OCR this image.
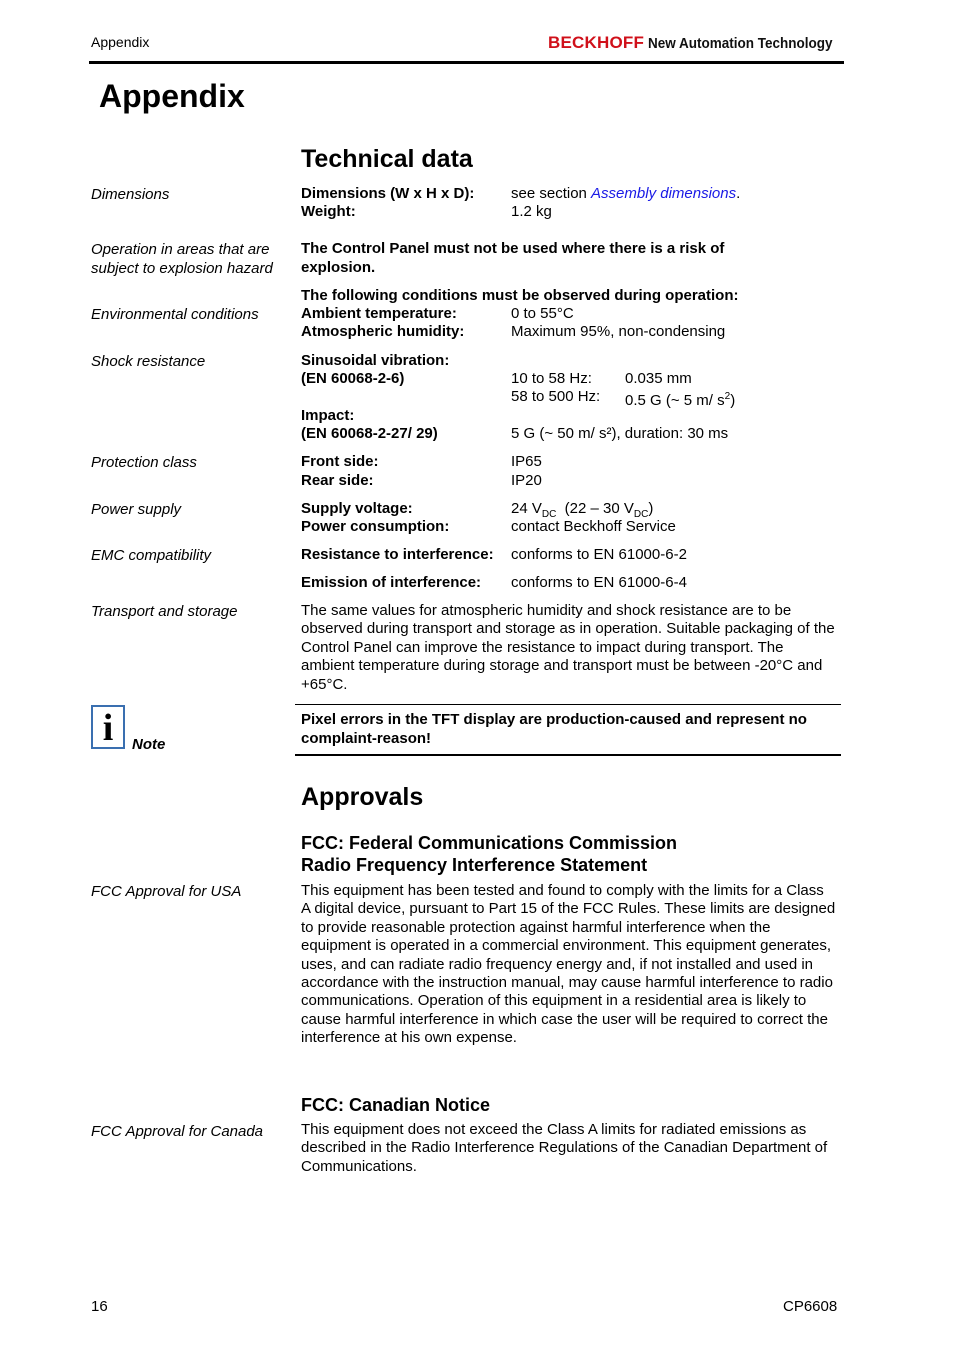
Appendix	BECKHOFF New Automation Technology
Appendix
Technical data
Dimensions	Dimensions (W x H x D): see section Assembly dimensions.
Weight:	1.2 kg
Operation in areas that are subject to explosion hazard
The Control Panel must not be used where there is a risk of explosion.
The following conditions must be observed during operation:
Environmental conditions	Ambient temperature:	0 to 55°C
Atmospheric humidity:	Maximum 95%, non-condensing
Shock resistance	Sinusoidal vibration:
(EN 60068-2-6)	10 to 58 Hz: 0.035 mm
58 to 500 Hz: 0.5 G (~ 5 m/ $s^2$)
Impact:
(EN 60068-2-27/ 29)	5 G (~ 50 m/ s²), duration: 30 ms
Protection class	Front side:	IP65
Rear side:	IP20
Power supply	Supply voltage:	24 $V_{DC}$  (22 – 30 $V_{DC}$)
Power consumption:	contact Beckhoff Service
EMC compatibility	Resistance to interference: conforms to EN 61000-6-2
Emission of interference: conforms to EN 61000-6-4
Transport and storage	The same values for atmospheric humidity and shock resistance are to be observed during transport and storage as in operation. Suitable packaging of the Control Panel can improve the resistance to impact during transport. The ambient temperature during storage and transport must be between -20°C and +65°C.
i	Note
Pixel errors in the TFT display are production-caused and represent no complaint-reason!
Approvals
FCC: Federal Communications Commission
Radio Frequency Interference Statement
FCC Approval for USA	This equipment has been tested and found to comply with the limits for a Class A digital device, pursuant to Part 15 of the FCC Rules. These limits are designed to provide reasonable protection against harmful interference when the equipment is operated in a commercial environment. This equipment generates, uses, and can radiate radio frequency energy and, if not installed and used in accordance with the instruction manual, may cause harmful interference to radio communications. Operation of this equipment in a residential area is likely to cause harmful interference in which case the user will be required to correct the interference at his own expense.
FCC: Canadian Notice
FCC Approval for Canada	This equipment does not exceed the Class A limits for radiated emissions as described in the Radio Interference Regulations of the Canadian Department of Communications.
16	CP6608
